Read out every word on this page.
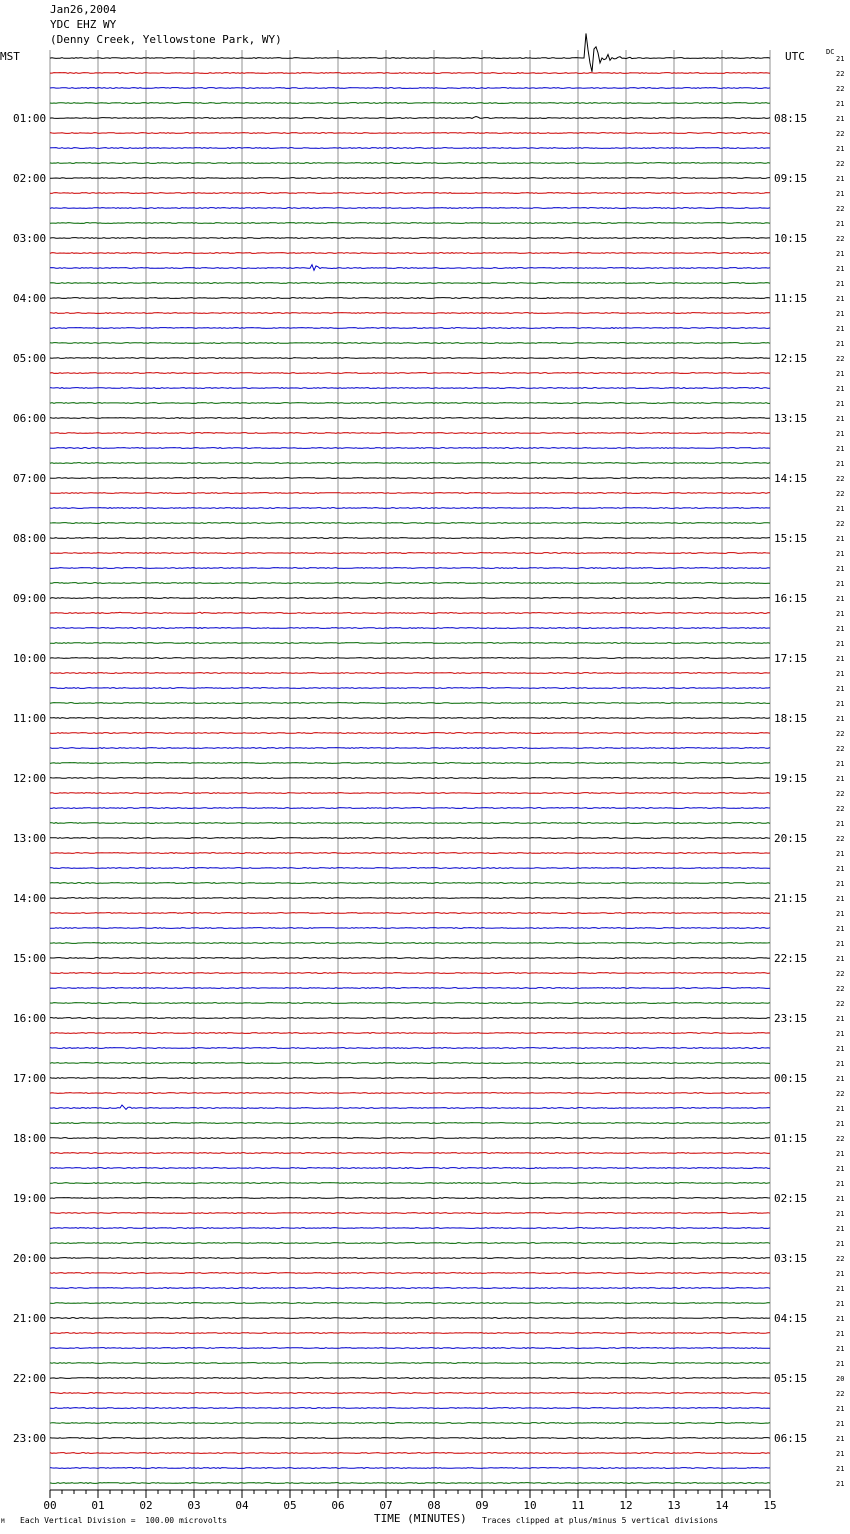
Jan26,2004
YDC EHZ WY
(Denny Creek, Yellowstone Park, WY)
MST	UTC	DC
21
22
22
21
01:00	08:15	21
22
21
22
02:00	09:15	21
21
22
21
03:00	10:15	22
21
21
21
04:00	11:15	21
21
21
21
05:00	12:15	22
21
21
21
06:00	13:15	21
21
21
21
07:00	14:15	22
22
21
22
08:00	15:15	21
21
21
21
09:00	16:15	21
21
21
21
10:00	17:15	21
21
21
21
11:00	18:15	21
22
22
21
12:00	19:15	21
22
22
21
13:00	20:15	22
21
21
21
14:00	21:15	21
21
21
21
15:00	22:15	21
22
22
22
16:00	23:15	21
21
21
21
17:00	00:15	21
22
21
21
18:00	01:15	22
21
21
21
19:00	02:15	21
21
21
21
20:00	03:15	22
21
21
21
21:00	04:15	21
21
21
21
22:00	05:15	20
22
21
21
23:00	06:15	21
21
21
21
00	01	02	03	04	05	06	07	08	09	10	11	12	13	14	15
M Each Vertical Division =  100.00 microvolts	TIME (MINUTES) Traces clipped at plus/minus 5 vertical divisions
